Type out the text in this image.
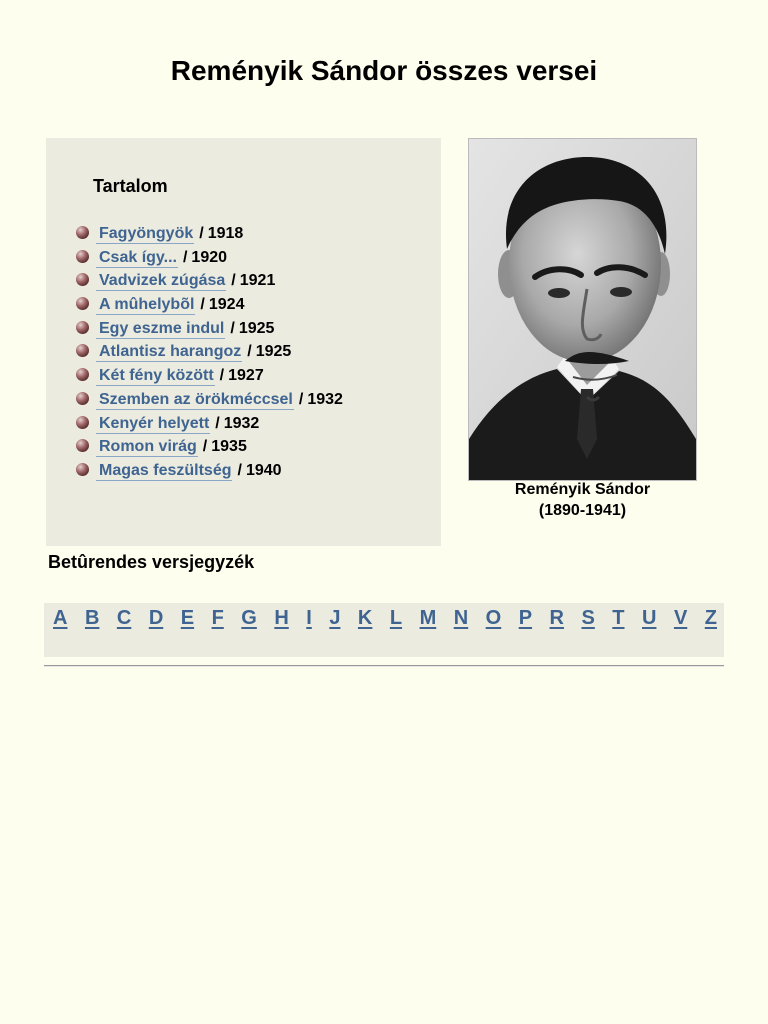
Reményik Sándor összes versei
Tartalom
Fagyöngyök / 1918
Csak így... / 1920
Vadvizek zúgása / 1921
A mûhelybõl / 1924
Egy eszme indul / 1925
Atlantisz harangoz / 1925
Két fény között / 1927
Szemben az örökméccsel / 1932
Kenyér helyett / 1932
Romon virág / 1935
Magas feszültség / 1940
Reményik Sándor
(1890-1941)
Betûrendes versjegyzék
A B C D E F G H I J K L M N O P R S T U V Z
